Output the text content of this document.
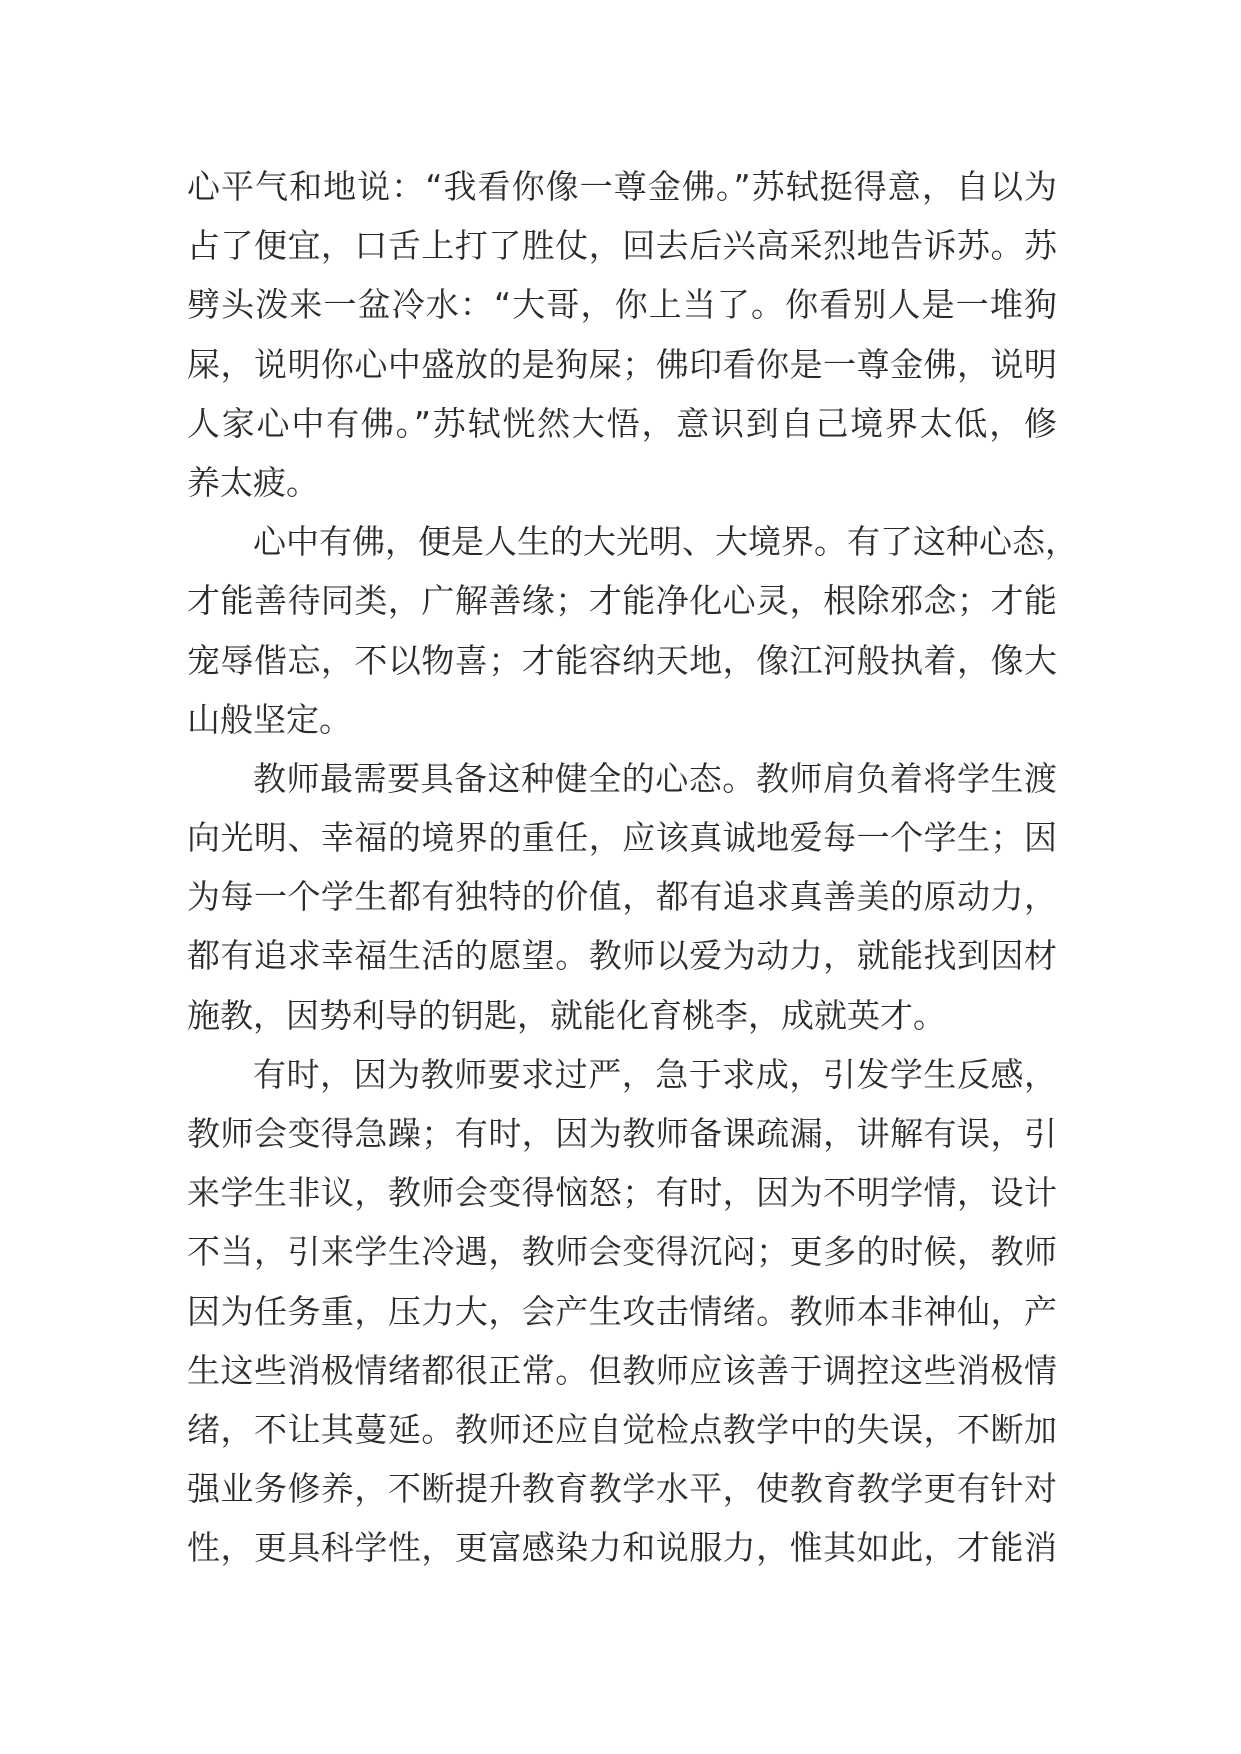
心平气和地说：“我看你像一尊金佛。”苏轼挺得意，自以为
占了便宜，口舌上打了胜仗，回去后兴高采烈地告诉苏。苏
劈头泼来一盆冷水：“大哥，你上当了。你看别人是一堆狗
屎，说明你心中盛放的是狗屎；佛印看你是一尊金佛，说明
人家心中有佛。”苏轼恍然大悟，意识到自己境界太低，修
养太疲。
心中有佛，便是人生的大光明、大境界。有了这种心态，
才能善待同类，广解善缘；才能净化心灵，根除邪念；才能
宠辱偕忘，不以物喜；才能容纳天地，像江河般执着，像大
山般坚定。
教师最需要具备这种健全的心态。教师肩负着将学生渡
向光明、幸福的境界的重任，应该真诚地爱每一个学生；因
为每一个学生都有独特的价值，都有追求真善美的原动力，
都有追求幸福生活的愿望。教师以爱为动力，就能找到因材
施教，因势利导的钥匙，就能化育桃李，成就英才。
有时，因为教师要求过严，急于求成，引发学生反感，
教师会变得急躁；有时，因为教师备课疏漏，讲解有误，引
来学生非议，教师会变得恼怒；有时，因为不明学情，设计
不当，引来学生冷遇，教师会变得沉闷；更多的时候，教师
因为任务重，压力大，会产生攻击情绪。教师本非神仙，产
生这些消极情绪都很正常。但教师应该善于调控这些消极情
绪，不让其蔓延。教师还应自觉检点教学中的失误，不断加
强业务修养，不断提升教育教学水平，使教育教学更有针对
性，更具科学性，更富感染力和说服力，惟其如此，才能消
